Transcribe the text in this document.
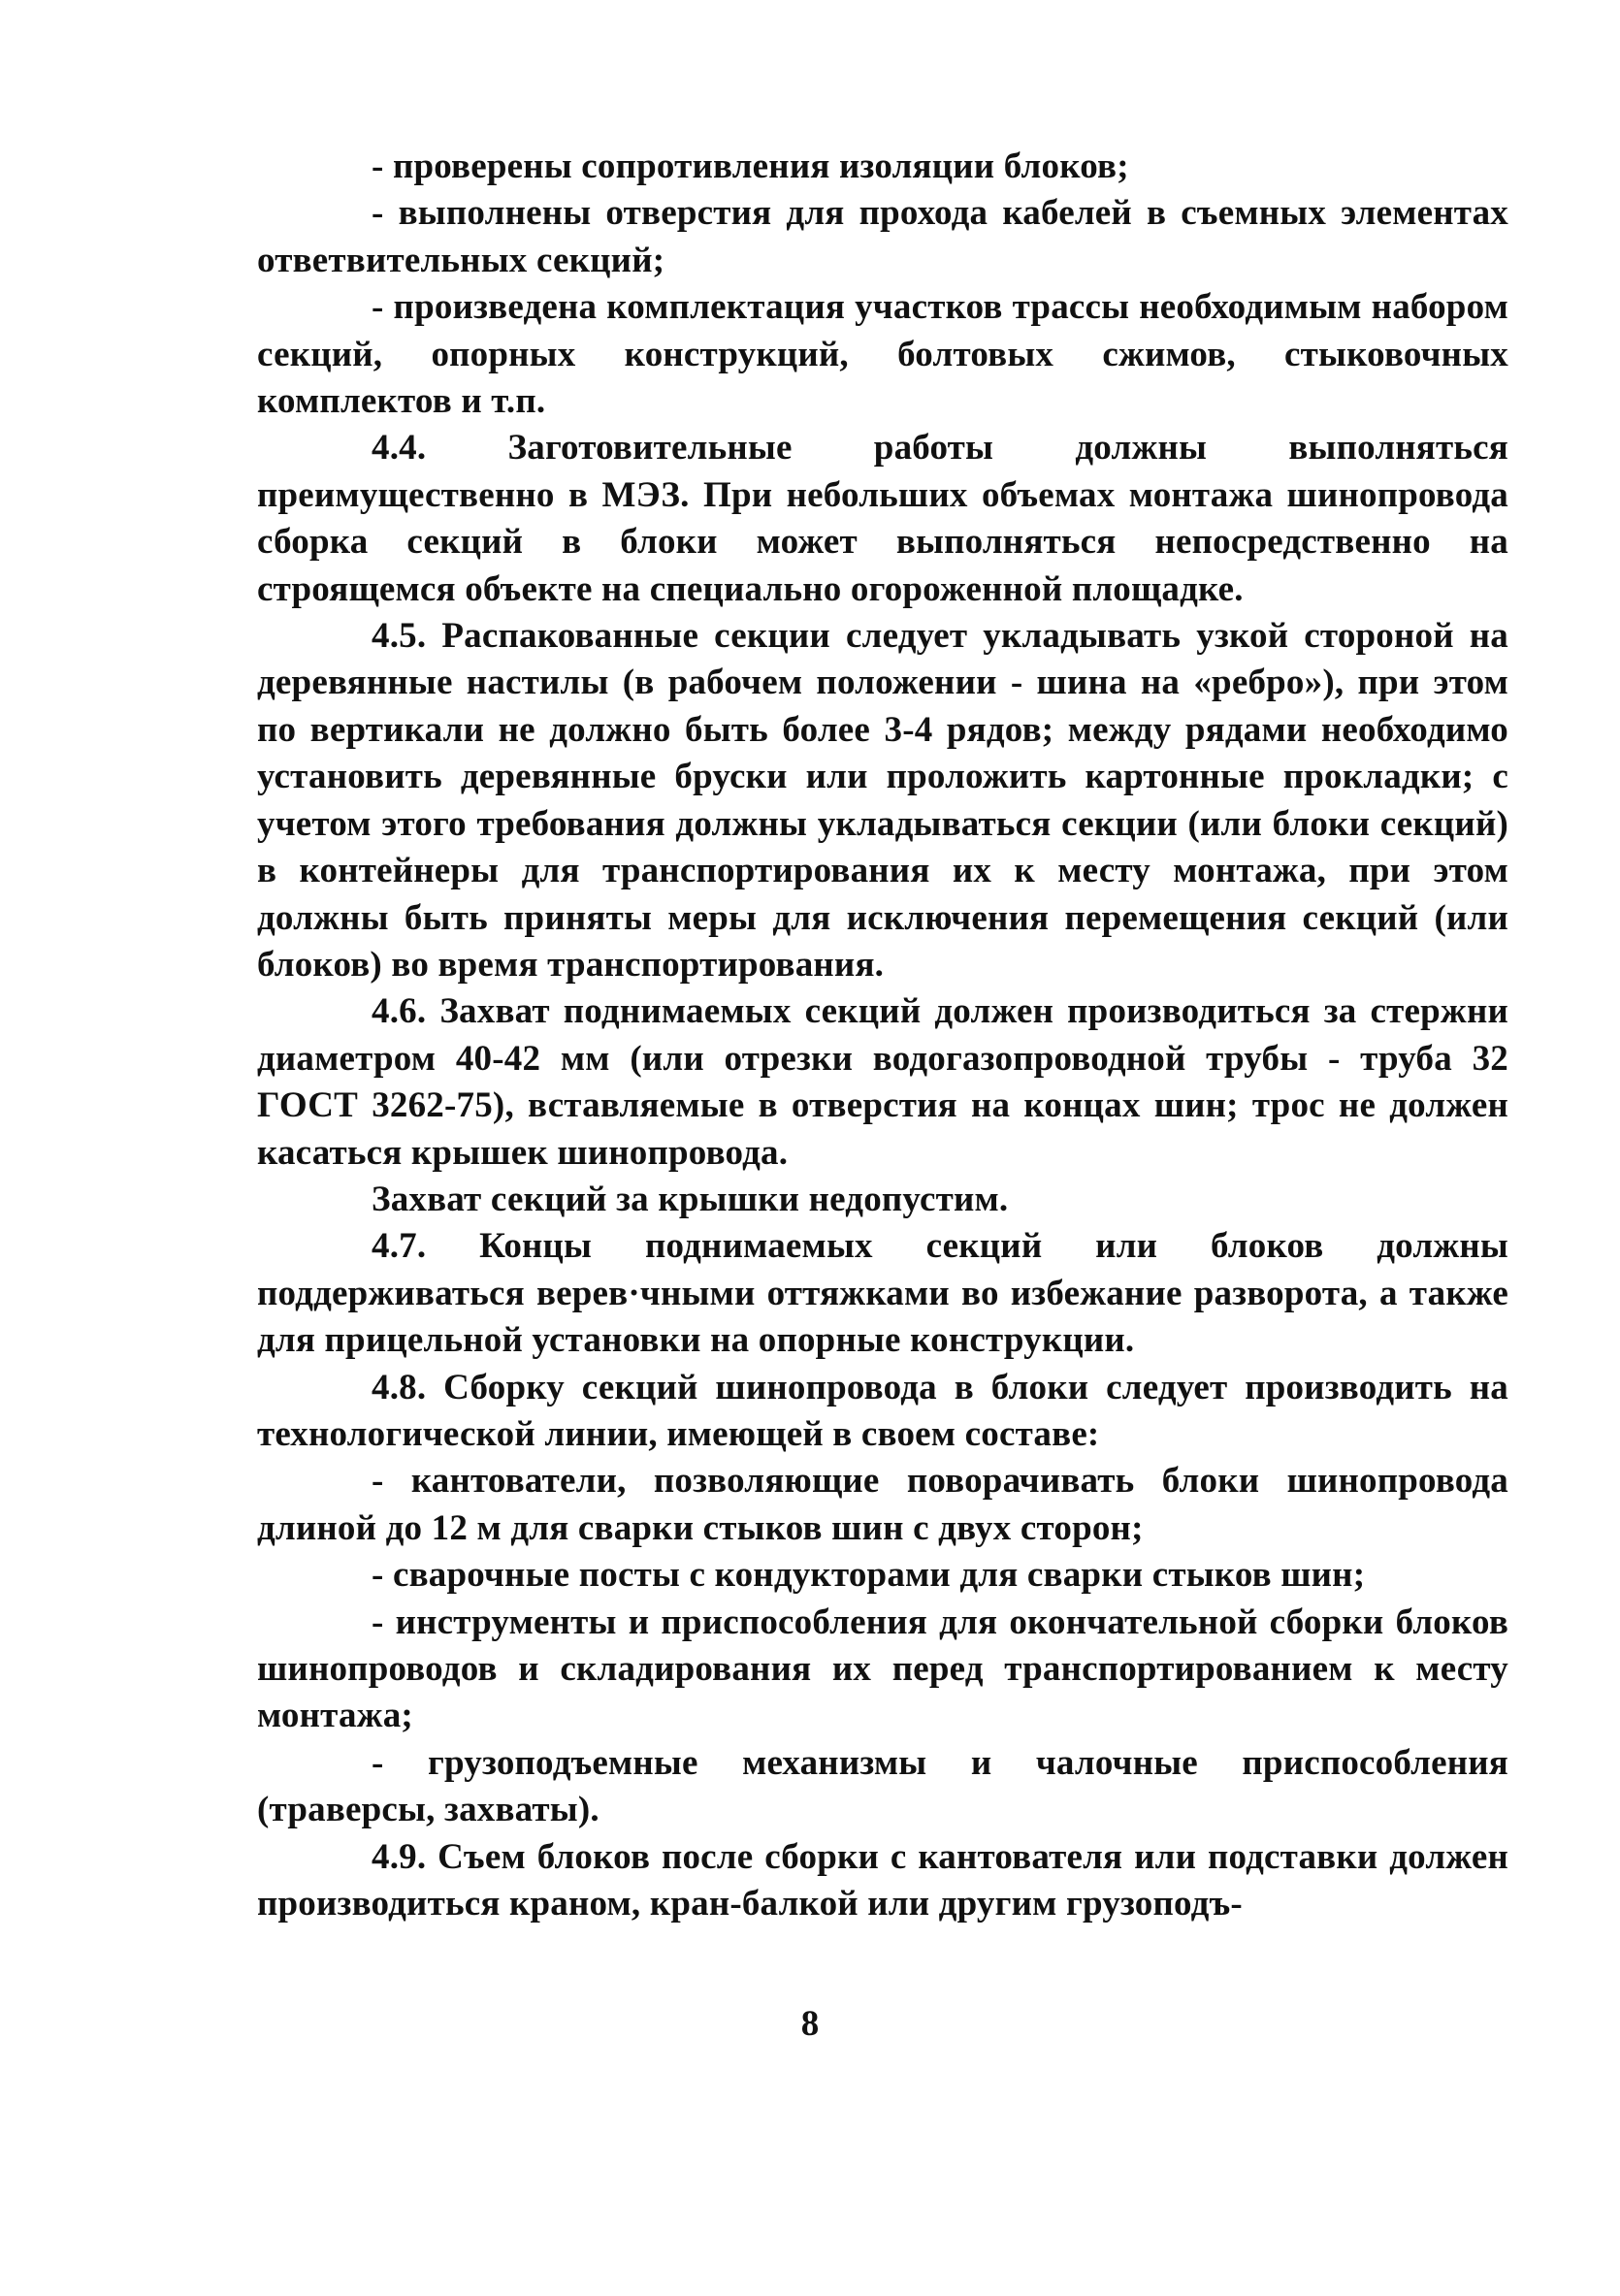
- проверены сопротивления изоляции блоков;

- выполнены отверстия для прохода кабелей в съемных элементах ответвительных секций;

- произведена комплектация участков трассы необходимым набором секций, опорных конструкций, болтовых сжимов, стыковочных комплектов и т.п.

4.4. Заготовительные работы должны выполняться преимущественно в МЭЗ. При небольших объемах монтажа шинопровода сборка секций в блоки может выполняться непосредственно на строящемся объекте на специально огороженной площадке.

4.5. Распакованные секции следует укладывать узкой стороной на деревянные настилы (в рабочем положении - шина на «ребро»), при этом по вертикали не должно быть более 3-4 рядов; между рядами необходимо установить деревянные бруски или проложить картонные прокладки; с учетом этого требования должны укладываться секции (или блоки секций) в контейнеры для транспортирования их к месту монтажа, при этом должны быть приняты меры для исключения перемещения секций (или блоков) во время транспортирования.

4.6. Захват поднимаемых секций должен производиться за стержни диаметром 40-42 мм (или отрезки водогазопроводной трубы - труба 32 ГОСТ 3262-75), вставляемые в отверстия на концах шин; трос не должен касаться крышек шинопровода.

Захват секций за крышки недопустим.

4.7. Концы поднимаемых секций или блоков должны поддерживаться верев·чными оттяжками во избежание разворота, а также для прицельной установки на опорные конструкции.

4.8. Сборку секций шинопровода в блоки следует производить на технологической линии, имеющей в своем составе:

- кантователи, позволяющие поворачивать блоки шинопровода длиной до 12 м для сварки стыков шин с двух сторон;

- сварочные посты с кондукторами для сварки стыков шин;

- инструменты и приспособления для окончательной сборки блоков шинопроводов и складирования их перед транспортированием к месту монтажа;

- грузоподъемные механизмы и чалочные приспособления (траверсы, захваты).

4.9. Съем блоков после сборки с кантователя или подставки должен производиться краном, кран-балкой или другим грузоподъ-

8
